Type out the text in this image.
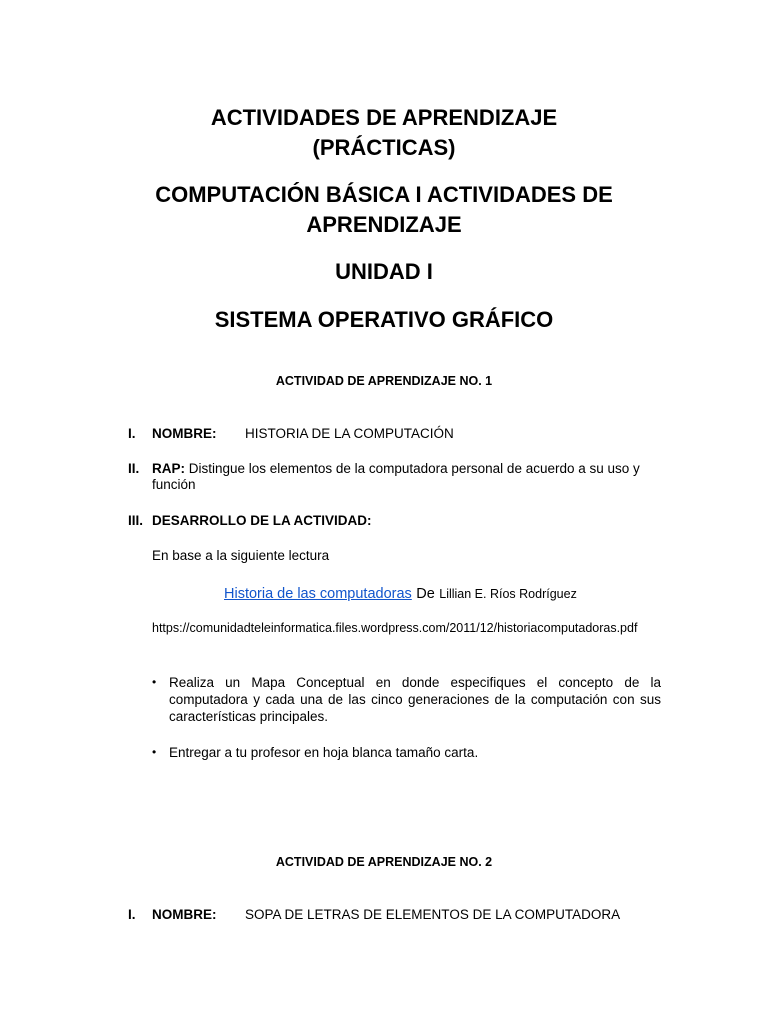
ACTIVIDADES DE APRENDIZAJE
(PRÁCTICAS)
COMPUTACIÓN BÁSICA I ACTIVIDADES DE
APRENDIZAJE
UNIDAD I
SISTEMA OPERATIVO GRÁFICO
ACTIVIDAD DE APRENDIZAJE NO. 1
I. NOMBRE: HISTORIA DE LA COMPUTACIÓN
II. RAP: Distingue los elementos de la computadora personal de acuerdo a su uso y
función
III. DESARROLLO DE LA ACTIVIDAD:
En base a la siguiente lectura
Historia de las computadoras De Lillian E. Ríos Rodríguez
https://comunidadteleinformatica.files.wordpress.com/2011/12/historiacomputadoras.pdf
• Realiza un Mapa Conceptual en donde especifiques el concepto de la
computadora y cada una de las cinco generaciones de la computación con sus
características principales.
• Entregar a tu profesor en hoja blanca tamaño carta.
ACTIVIDAD DE APRENDIZAJE NO. 2
I. NOMBRE: SOPA DE LETRAS DE ELEMENTOS DE LA COMPUTADORA
